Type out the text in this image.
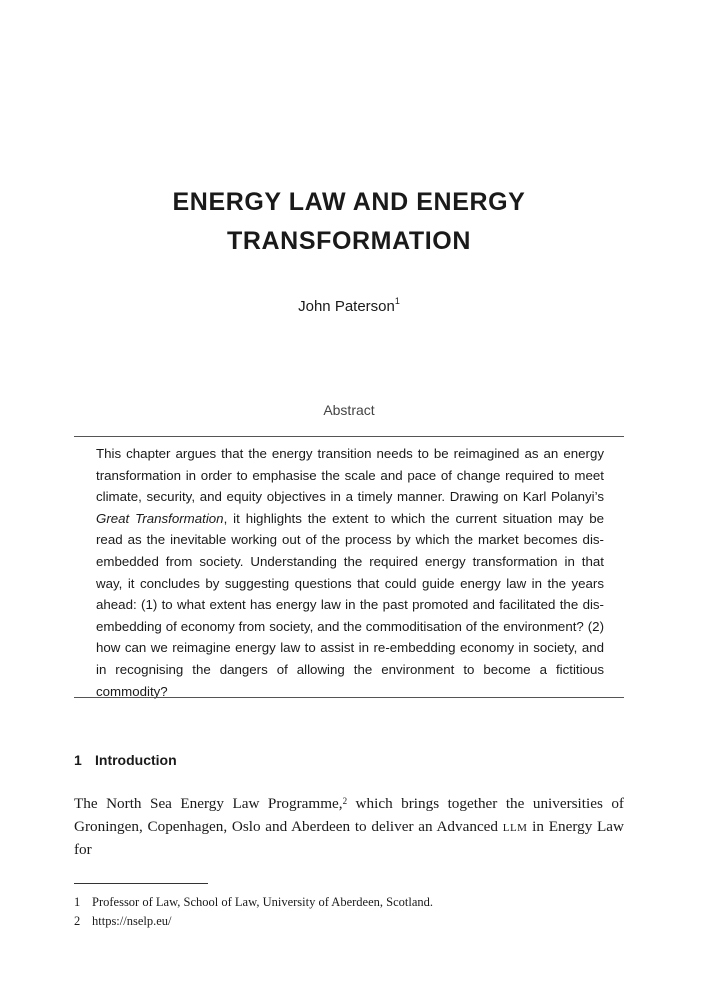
ENERGY LAW AND ENERGY
TRANSFORMATION
John Paterson$^1$
Abstract

This chapter argues that the energy transition needs to be reimagined as an energy transformation in order to emphasise the scale and pace of change required to meet climate, security, and equity objectives in a timely manner. Drawing on Karl Polanyi’s Great Transformation, it highlights the extent to which the current situation may be read as the inevitable working out of the process by which the market becomes dis-embedded from society. Understanding the required energy transformation in that way, it concludes by suggesting questions that could guide energy law in the years ahead: (1) to what extent has energy law in the past promoted and facilitated the dis-embedding of economy from society, and the commoditisation of the environment? (2) how can we reimagine energy law to assist in re-embedding economy in society, and in recognising the dangers of allowing the environment to become a fictitious commodity?

1 Introduction

The North Sea Energy Law Programme,$^2$ which brings together the universities of Groningen, Copenhagen, Oslo and Aberdeen to deliver an Advanced llm in Energy Law for

1 Professor of Law, School of Law, University of Aberdeen, Scotland.
2 https://nselp.eu/
